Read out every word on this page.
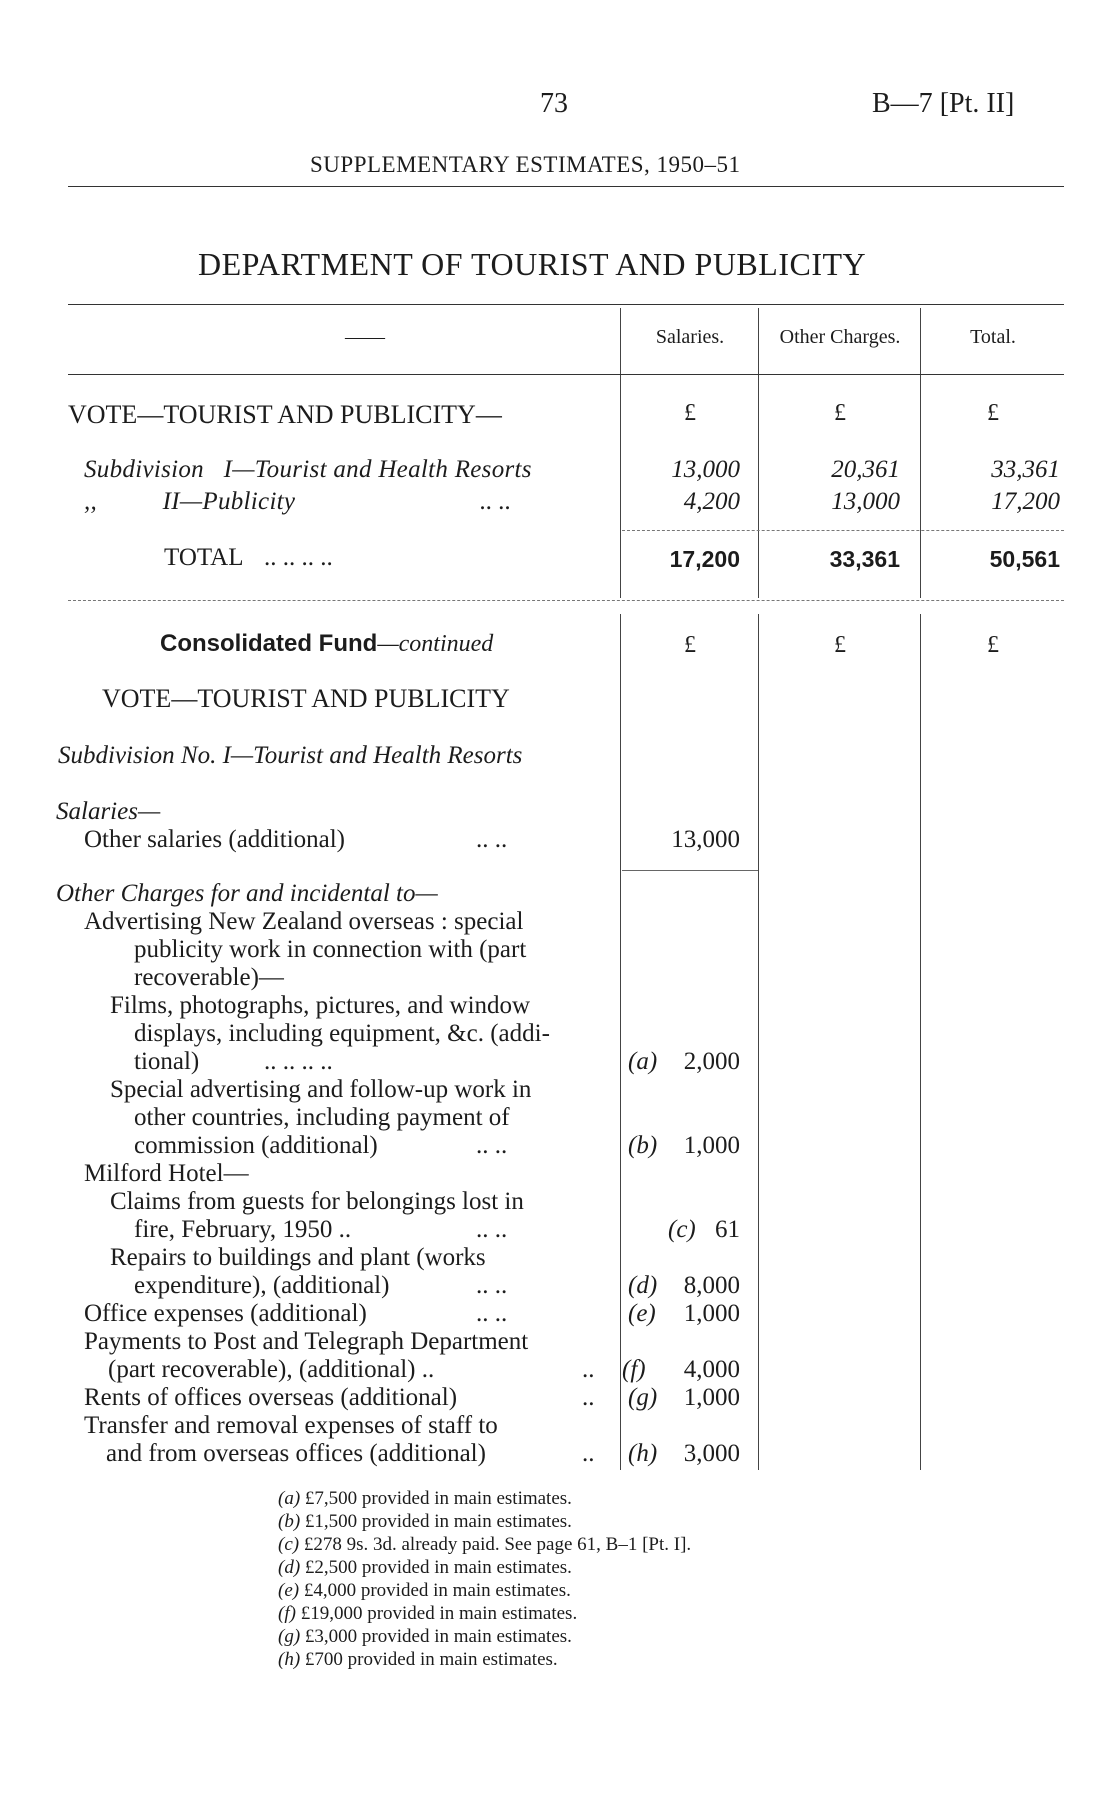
73	B—7 [Pt. II]
SUPPLEMENTARY ESTIMATES, 1950–51
DEPARTMENT OF TOURIST AND PUBLICITY
——	Salaries.	Other Charges.	Total.
VOTE—TOURIST AND PUBLICITY—	£	£	£
Subdivision   I—Tourist and Health Resorts	13,000	20,361	33,361
,,          II—Publicity	.. ..	4,200	13,000	17,200
TOTAL .. .. .. ..	17,200	33,361	50,561
Consolidated Fund—continued	£	£	£
VOTE—TOURIST AND PUBLICITY
Subdivision No. I—Tourist and Health Resorts
Salaries—
Other salaries (additional)	.. ..	13,000
Other Charges for and incidental to—
Advertising New Zealand overseas : special
publicity work in connection with (part
recoverable)—
Films, photographs, pictures, and window
displays, including equipment, &c. (addi-
tional)	.. .. .. ..	(a)	2,000
Special advertising and follow-up work in
other countries, including payment of
commission (additional)	.. ..	(b)	1,000
Milford Hotel—
Claims from guests for belongings lost in
fire, February, 1950 ..	.. ..	(c) 61
Repairs to buildings and plant (works
expenditure), (additional)	.. ..	(d)	8,000
Office expenses (additional)	.. ..	(e)	1,000
Payments to Post and Telegraph Department
(part recoverable), (additional) ..	.. (f)	4,000
Rents of offices overseas (additional)	.. (g)	1,000
Transfer and removal expenses of staff to
and from overseas offices (additional)	.. (h)	3,000
(a) £7,500 provided in main estimates.
(b) £1,500 provided in main estimates.
(c) £278 9s. 3d. already paid. See page 61, B–1 [Pt. I].
(d) £2,500 provided in main estimates.
(e) £4,000 provided in main estimates.
(f) £19,000 provided in main estimates.
(g) £3,000 provided in main estimates.
(h) £700 provided in main estimates.
